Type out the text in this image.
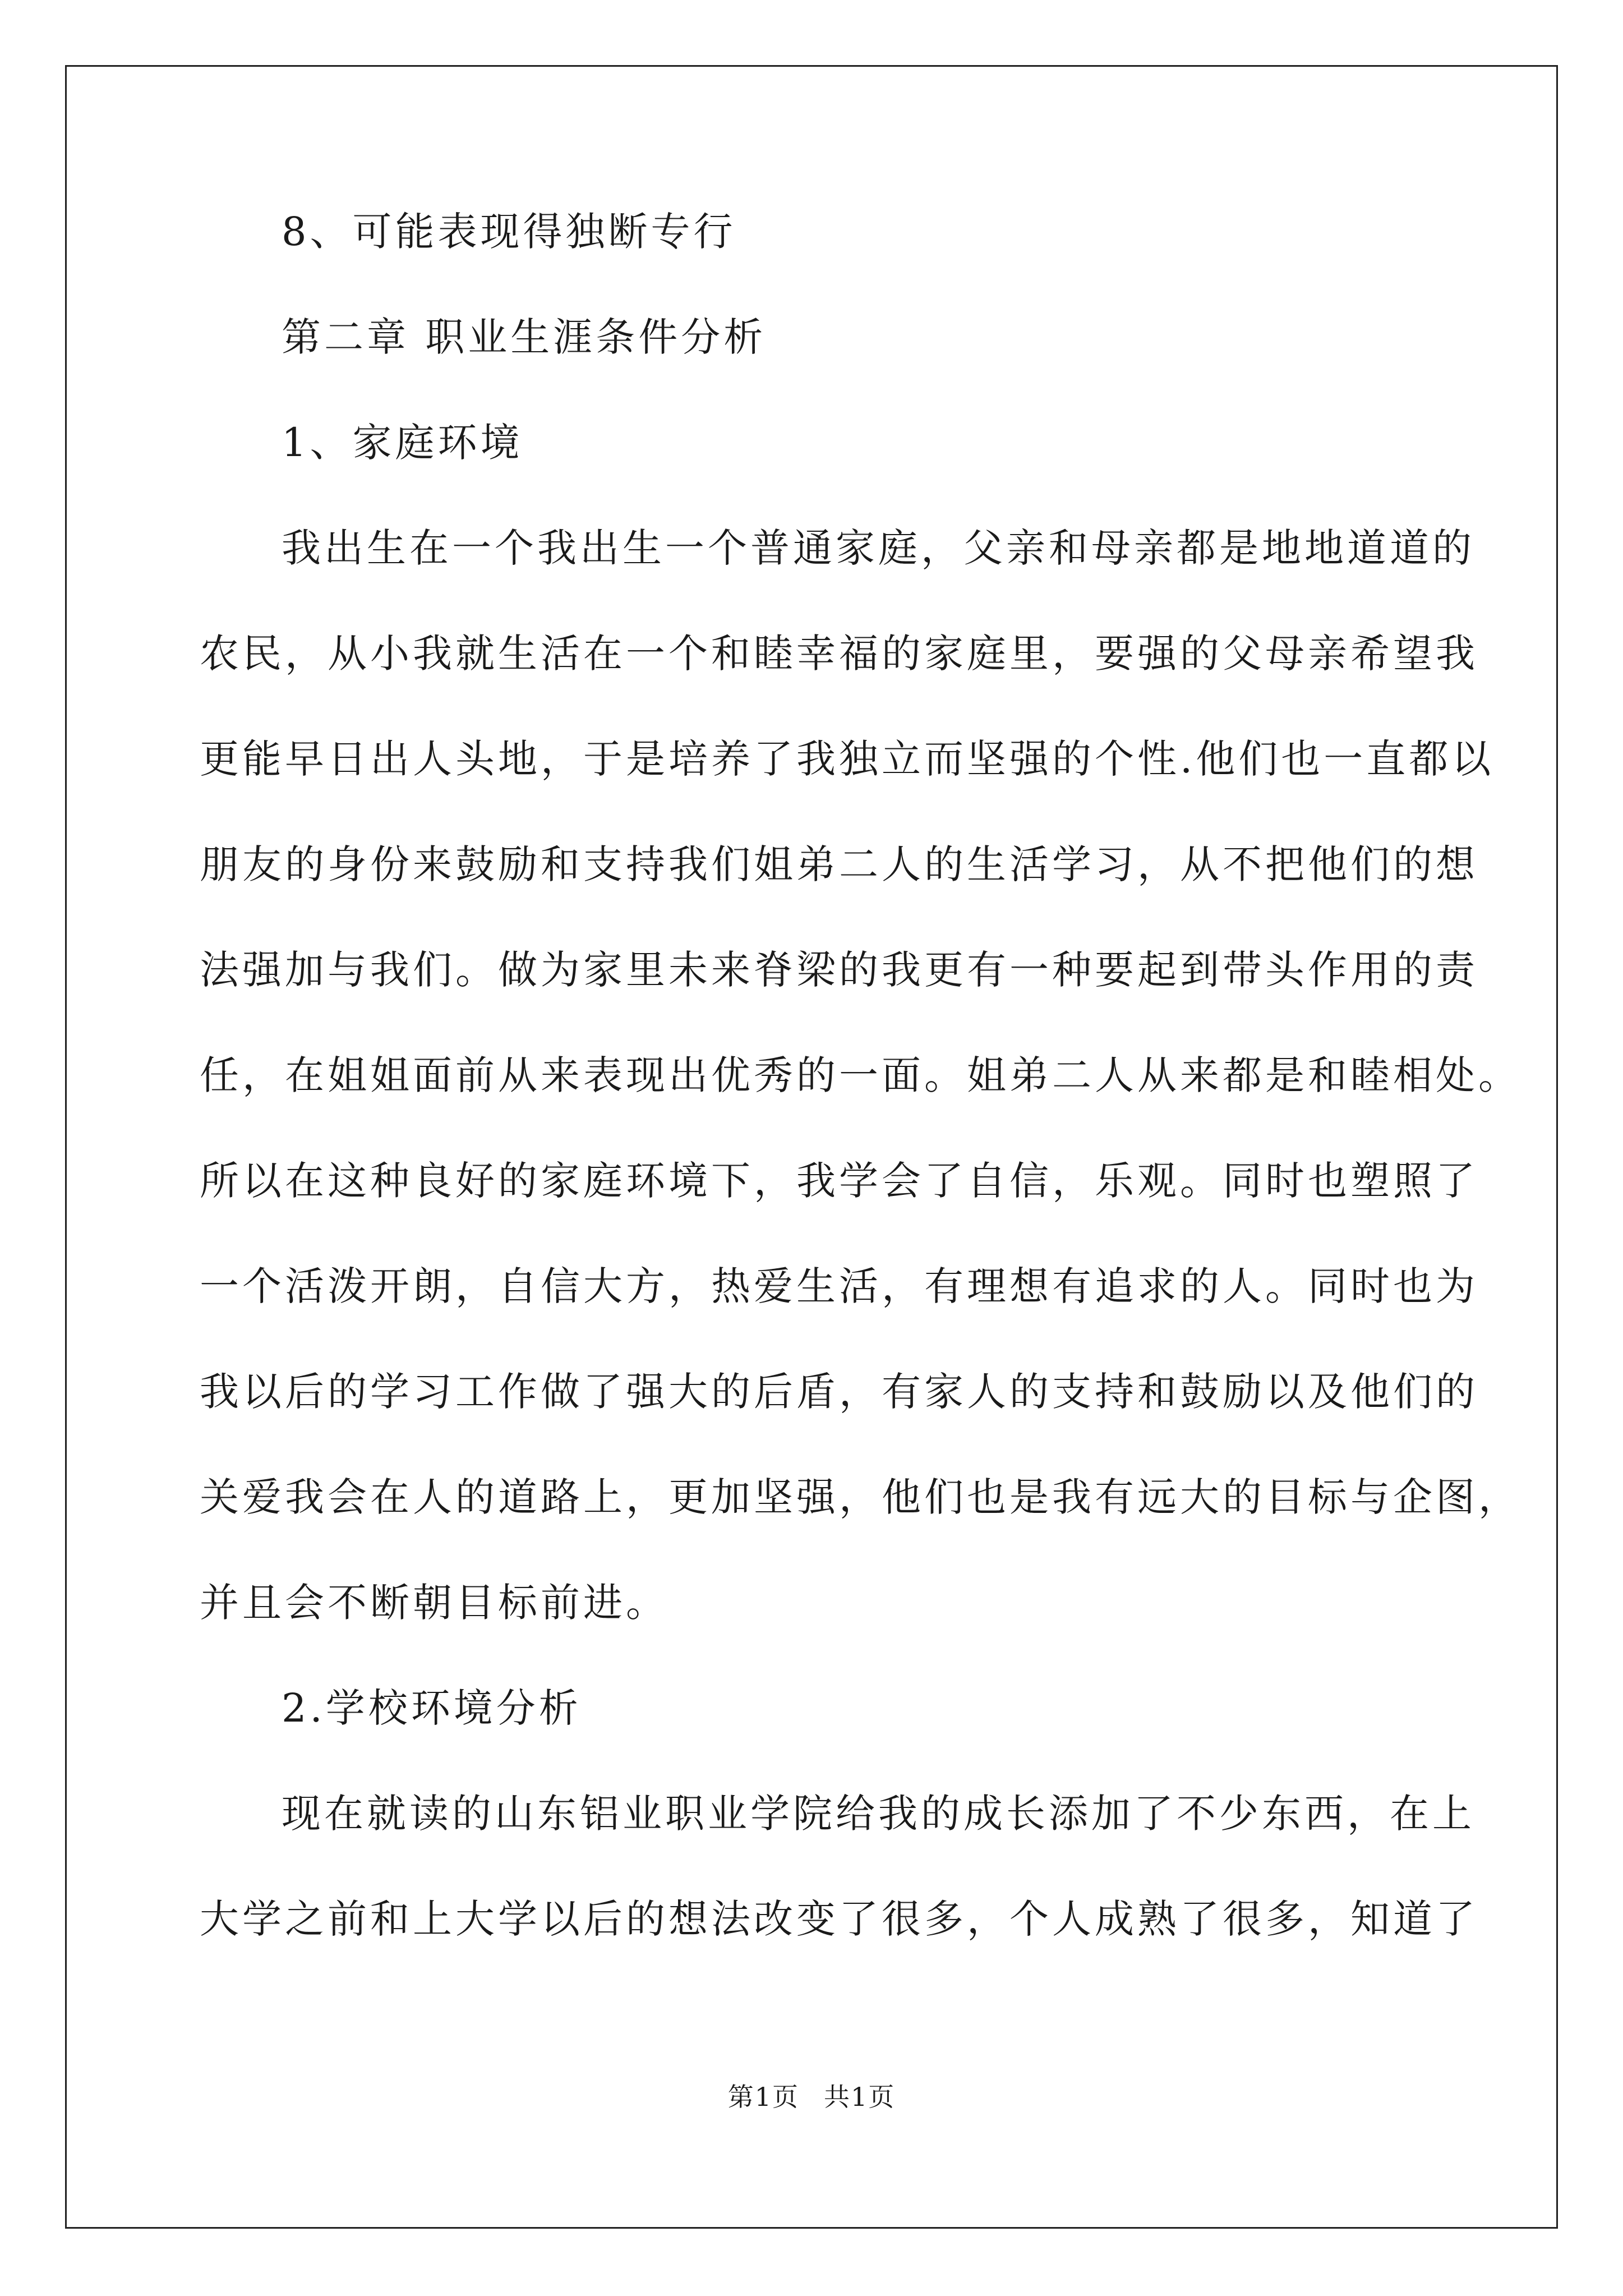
8、可能表现得独断专行
第二章 职业生涯条件分析
1、家庭环境
我出生在一个我出生一个普通家庭，父亲和母亲都是地地道道的
农民，从小我就生活在一个和睦幸福的家庭里，要强的父母亲希望我
更能早日出人头地，于是培养了我独立而坚强的个性.他们也一直都以
朋友的身份来鼓励和支持我们姐弟二人的生活学习，从不把他们的想
法强加与我们。做为家里未来脊梁的我更有一种要起到带头作用的责
任，在姐姐面前从来表现出优秀的一面。姐弟二人从来都是和睦相处。
所以在这种良好的家庭环境下，我学会了自信，乐观。同时也塑照了
一个活泼开朗，自信大方，热爱生活，有理想有追求的人。同时也为
我以后的学习工作做了强大的后盾，有家人的支持和鼓励以及他们的
关爱我会在人的道路上，更加坚强，他们也是我有远大的目标与企图，
并且会不断朝目标前进。
2.学校环境分析
现在就读的山东铝业职业学院给我的成长添加了不少东西，在上
大学之前和上大学以后的想法改变了很多，个人成熟了很多，知道了
第1页 共1页
